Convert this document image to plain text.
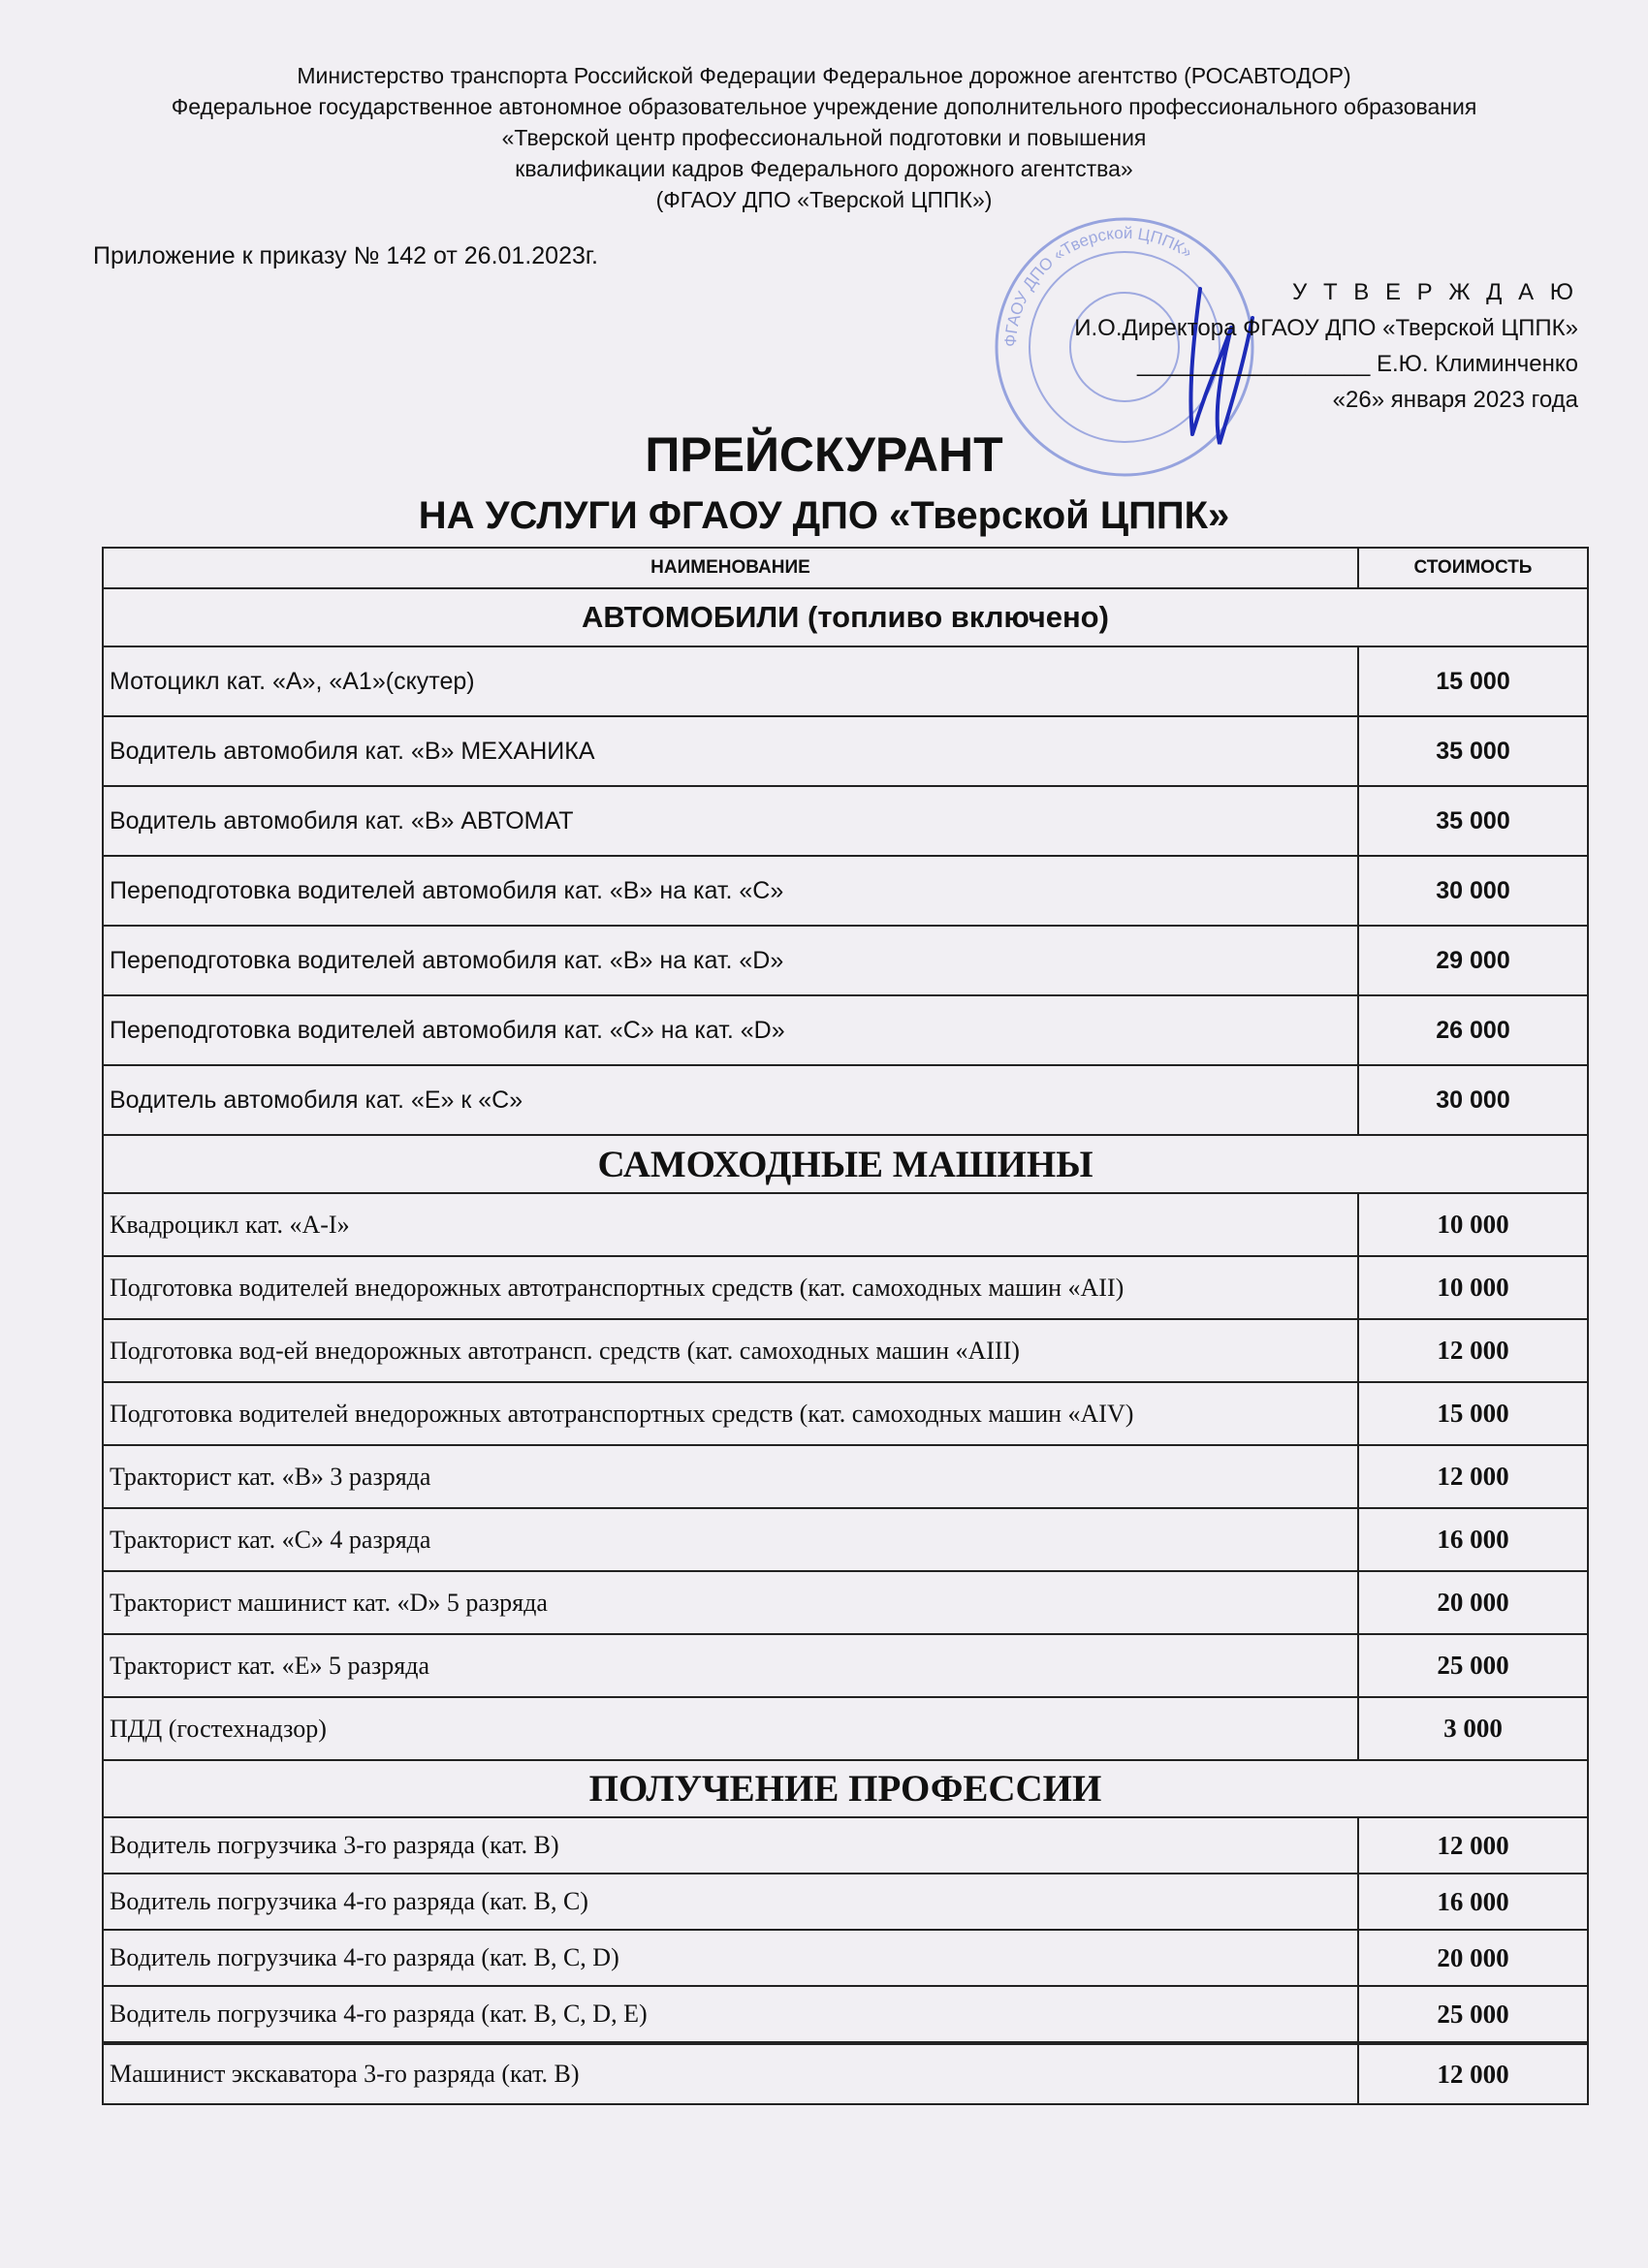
Министерство транспорта Российской Федерации Федеральное дорожное агентство (РОСАВТОДОР)
Федеральное государственное автономное образовательное учреждение дополнительного профессионального образования
«Тверской центр профессиональной подготовки и повышения
квалификации кадров Федерального дорожного агентства»
(ФГАОУ ДПО «Тверской ЦППК»)
Приложение к приказу № 142 от 26.01.2023г.
ФГАОУ ДПО «Тверской ЦППК»
У Т В Е Р Ж Д А Ю
И.О.Директора ФГАОУ ДПО «Тверской ЦППК»
__________________ Е.Ю. Климинченко
«26» января 2023 года
ПРЕЙСКУРАНТ
НА УСЛУГИ ФГАОУ ДПО «Тверской ЦППК»
НАИМЕНОВАНИЕ	СТОИМОСТЬ
АВТОМОБИЛИ (топливо включено)
Мотоцикл кат. «А», «А1»(скутер)	15 000
Водитель автомобиля кат. «В» МЕХАНИКА	35 000
Водитель автомобиля кат. «В» АВТОМАТ	35 000
Переподготовка водителей автомобиля кат. «В» на кат. «С»	30 000
Переподготовка водителей автомобиля кат. «В» на кат. «D»	29 000
Переподготовка водителей автомобиля кат. «С» на кат. «D»	26 000
Водитель автомобиля кат. «Е» к «С»	30 000
САМОХОДНЫЕ МАШИНЫ
Квадроцикл кат. «А-I»	10 000
Подготовка водителей внедорожных автотранспортных средств (кат. самоходных машин «АII)	10 000
Подготовка вод-ей внедорожных автотрансп. средств (кат. самоходных машин «АIII)	12 000
Подготовка водителей внедорожных автотранспортных средств (кат. самоходных машин «АIV)	15 000
Тракторист кат. «В» 3 разряда	12 000
Тракторист кат. «С» 4 разряда	16 000
Тракторист машинист кат. «D» 5 разряда	20 000
Тракторист кат. «Е» 5 разряда	25 000
ПДД (гостехнадзор)	3 000
ПОЛУЧЕНИЕ ПРОФЕССИИ
Водитель погрузчика 3-го разряда (кат. В)	12 000
Водитель погрузчика 4-го разряда (кат. В, С)	16 000
Водитель погрузчика 4-го разряда (кат. В, С, D)	20 000
Водитель погрузчика 4-го разряда (кат. В, С, D, Е)	25 000
Машинист экскаватора 3-го разряда (кат. В)	12 000
